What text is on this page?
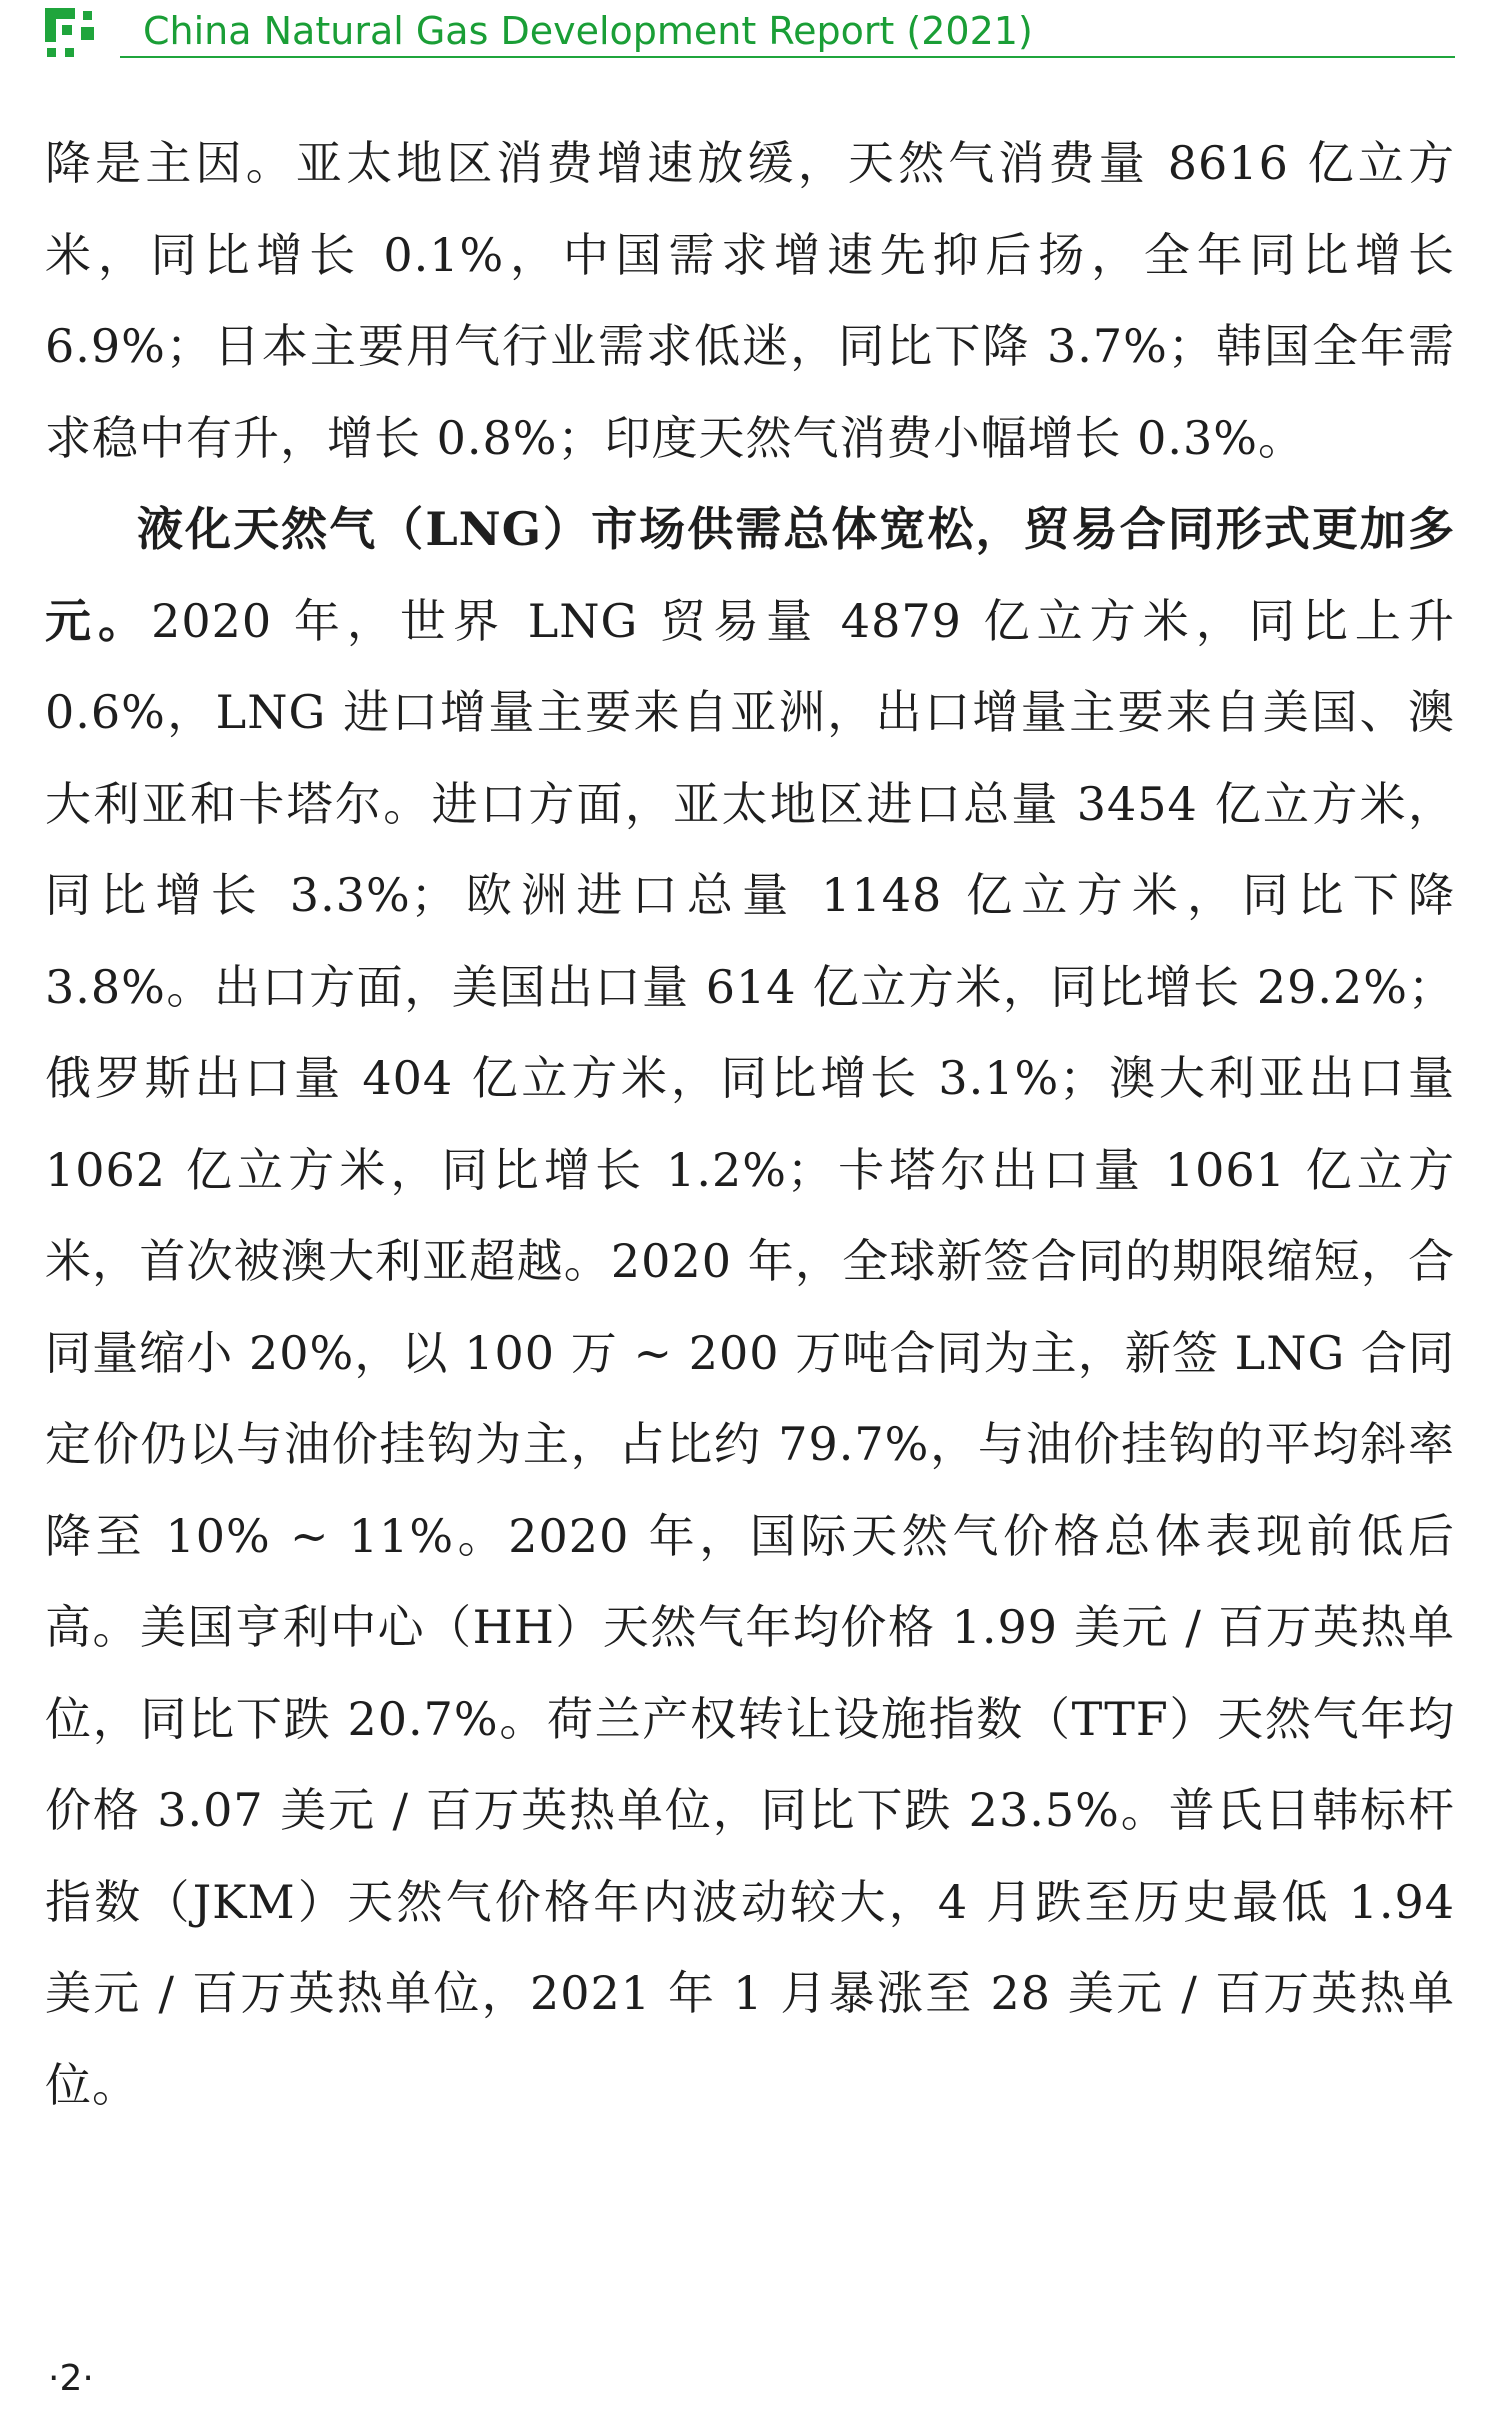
China Natural Gas Development Report (2021)

降是主因。亚太地区消费增速放缓，天然气消费量 8616 亿立方米，同比增长 0.1%，中国需求增速先抑后扬，全年同比增长 6.9%；日本主要用气行业需求低迷，同比下降 3.7%；韩国全年需求稳中有升，增长 0.8%；印度天然气消费小幅增长 0.3%。

液化天然气（LNG）市场供需总体宽松，贸易合同形式更加多元。2020 年，世界 LNG 贸易量 4879 亿立方米，同比上升 0.6%，LNG 进口增量主要来自亚洲，出口增量主要来自美国、澳大利亚和卡塔尔。进口方面，亚太地区进口总量 3454 亿立方米，同比增长 3.3%；欧洲进口总量 1148 亿立方米，同比下降 3.8%。出口方面，美国出口量 614 亿立方米，同比增长 29.2%；俄罗斯出口量 404 亿立方米，同比增长 3.1%；澳大利亚出口量 1062 亿立方米，同比增长 1.2%；卡塔尔出口量 1061 亿立方米，首次被澳大利亚超越。2020 年，全球新签合同的期限缩短，合同量缩小 20%，以 100 万 ~ 200 万吨合同为主，新签 LNG 合同定价仍以与油价挂钩为主，占比约 79.7%，与油价挂钩的平均斜率降至 10% ~ 11%。2020 年，国际天然气价格总体表现前低后高。美国亨利中心（HH）天然气年均价格 1.99 美元 / 百万英热单位，同比下跌 20.7%。荷兰产权转让设施指数（TTF）天然气年均价格 3.07 美元 / 百万英热单位，同比下跌 23.5%。普氏日韩标杆指数（JKM）天然气价格年内波动较大，4 月跌至历史最低 1.94 美元 / 百万英热单位，2021 年 1 月暴涨至 28 美元 / 百万英热单位。

·2·
